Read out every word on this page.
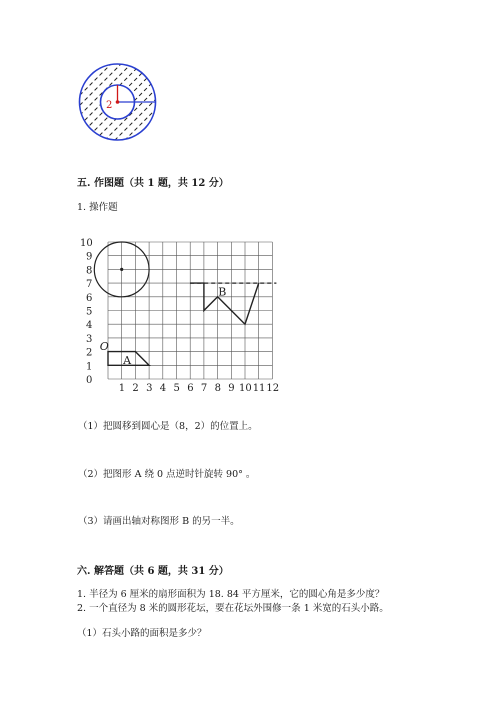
2
五. 作图题（共 1 题，共 12 分）
1. 操作题
0
1
2
3
4
5
6
7
8
9
10
1 2 3 4 5 6 7 8 9 10 11 12
A
O
B
（1）把圆移到圆心是（8，2）的位置上。
（2）把图形 A 绕 0 点逆时针旋转 90° 。
（3）请画出轴对称图形 B 的另一半。
六. 解答题（共 6 题，共 31 分）
1. 半径为 6 厘米的扇形面积为 18. 84 平方厘米，它的圆心角是多少度？
2. 一个直径为 8 米的圆形花坛，要在花坛外围修一条 1 米宽的石头小路。
（1）石头小路的面积是多少？
